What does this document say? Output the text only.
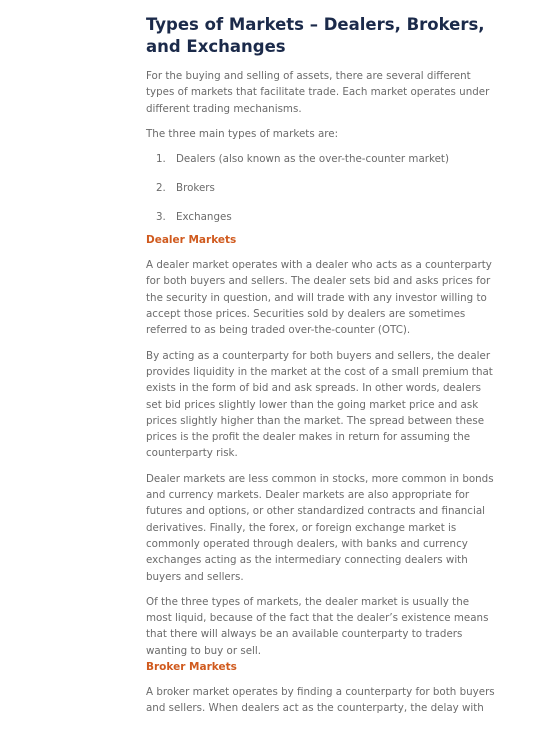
Types of Markets – Dealers, Brokers, and Exchanges

For the buying and selling of assets, there are several different types of markets that facilitate trade. Each market operates under different trading mechanisms.

The three main types of markets are:

1. Dealers (also known as the over-the-counter market)
2. Brokers
3. Exchanges
Dealer Markets

A dealer market operates with a dealer who acts as a counterparty for both buyers and sellers. The dealer sets bid and asks prices for the security in question, and will trade with any investor willing to accept those prices. Securities sold by dealers are sometimes referred to as being traded over-the-counter (OTC).

By acting as a counterparty for both buyers and sellers, the dealer provides liquidity in the market at the cost of a small premium that exists in the form of bid and ask spreads. In other words, dealers set bid prices slightly lower than the going market price and ask prices slightly higher than the market. The spread between these prices is the profit the dealer makes in return for assuming the counterparty risk.

Dealer markets are less common in stocks, more common in bonds and currency markets. Dealer markets are also appropriate for futures and options, or other standardized contracts and financial derivatives. Finally, the forex, or foreign exchange market is commonly operated through dealers, with banks and currency exchanges acting as the intermediary connecting dealers with buyers and sellers.

Of the three types of markets, the dealer market is usually the most liquid, because of the fact that the dealer’s existence means that there will always be an available counterparty to traders wanting to buy or sell.

Broker Markets

A broker market operates by finding a counterparty for both buyers and sellers. When dealers act as the counterparty, the delay with
